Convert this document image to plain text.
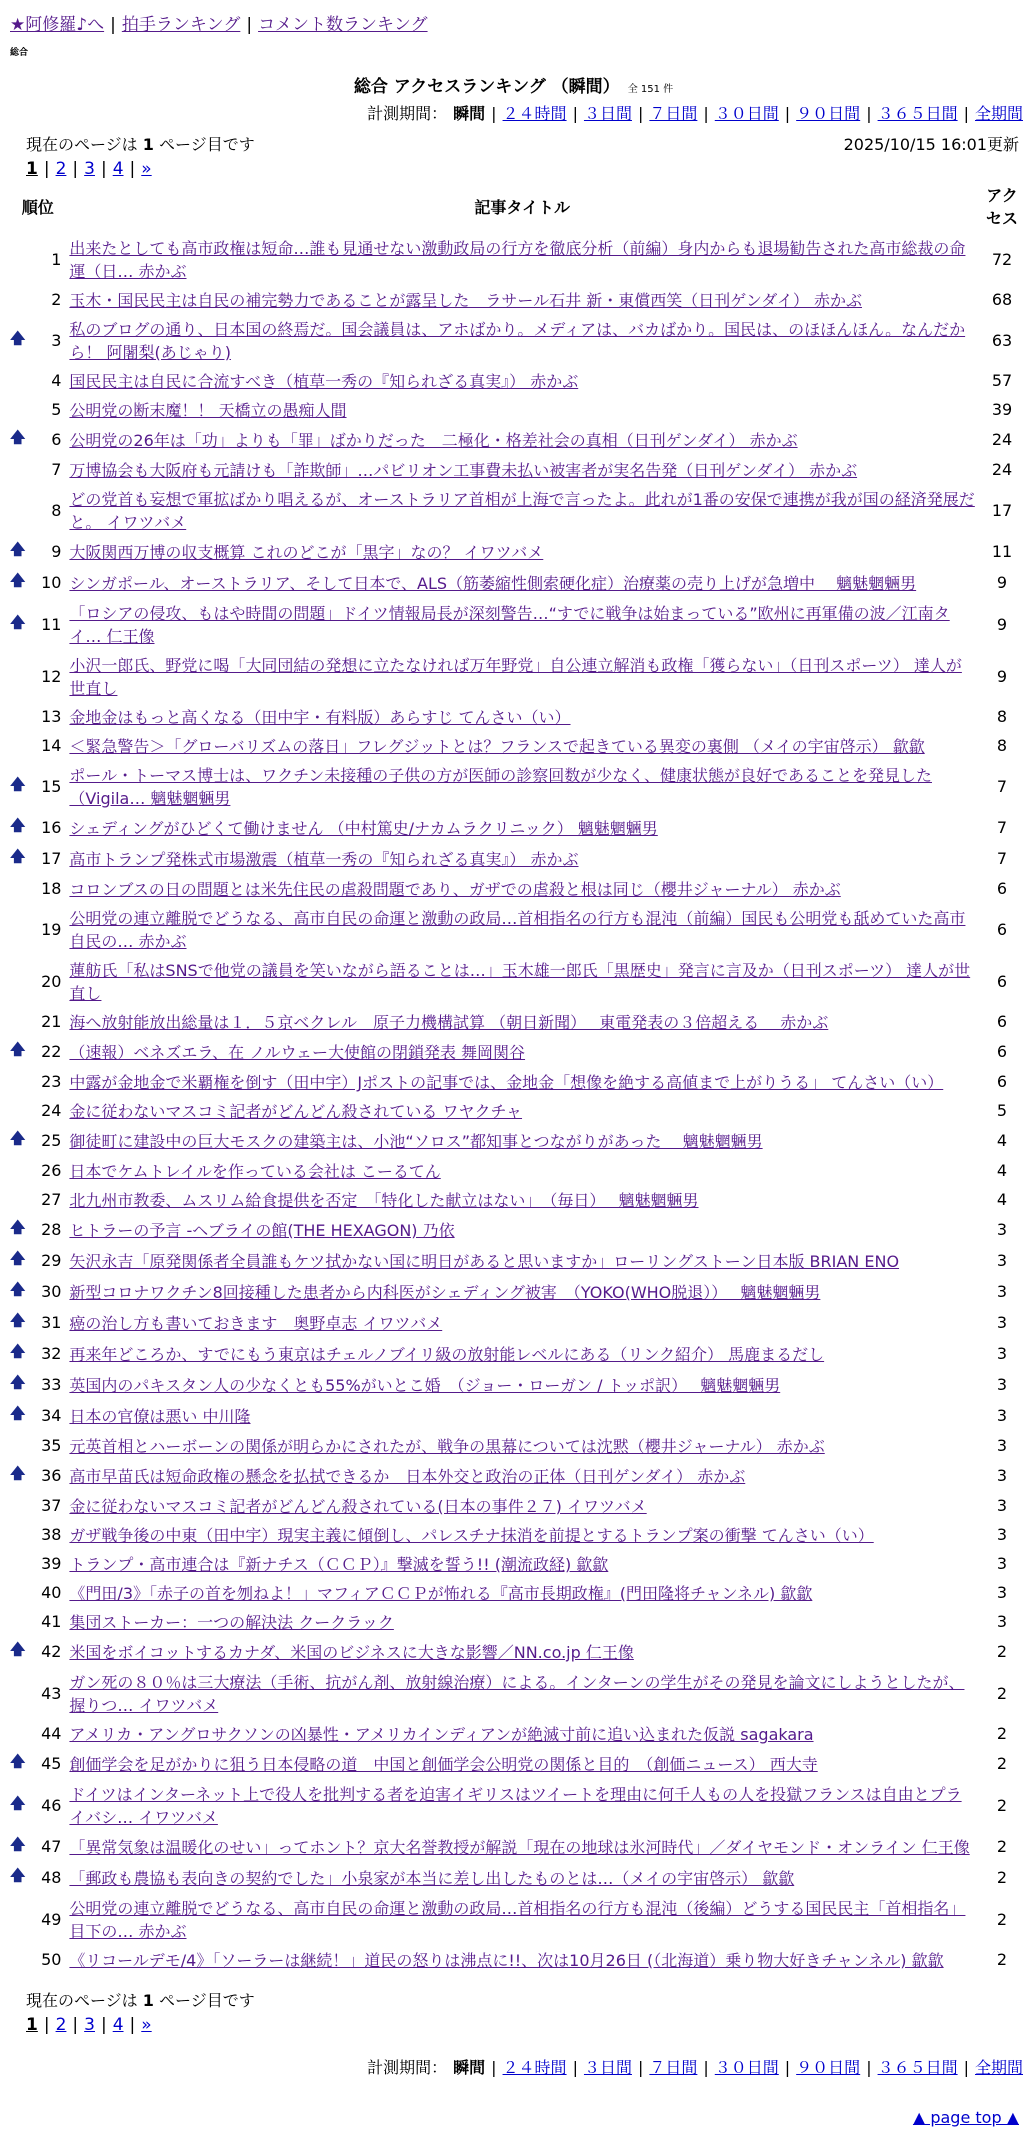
★阿修羅♪へ | 拍手ランキング | コメント数ランキング
総合
総合 アクセスランキング （瞬間） 全 151 件
計測期間： 瞬間 | ２４時間 | ３日間 | ７日間 | ３０日間 | ９０日間 | ３６５日間 | 全期間
現在のページは 1 ページ目です	2025/10/15 16:01更新
1 | 2 | 3 | 4 | »
順位		記事タイトル	アクセス
	1	出来たとしても高市政権は短命…誰も見通せない激動政局の行方を徹底分析（前編）身内からも退場勧告された高市総裁の命運（日… 赤かぶ	72
	2	玉木・国民民主は自民の補完勢力であることが露呈した　ラサール石井 新・東償西笑（日刊ゲンダイ） 赤かぶ	68
🡅	3	私のブログの通り、日本国の終焉だ。国会議員は、アホばかり。メディアは、バカばかり。国民は、のほほんほん。なんだから！ 阿闍梨(あじゃり)	63
	4	国民民主は自民に合流すべき（植草一秀の『知られざる真実』） 赤かぶ	57
	5	公明党の断末魔！！ 天橋立の愚痴人間	39
🡅	6	公明党の26年は「功」よりも「罪」ばかりだった　二極化・格差社会の真相（日刊ゲンダイ） 赤かぶ	24
	7	万博協会も大阪府も元請けも「詐欺師」…パビリオン工事費未払い被害者が実名告発（日刊ゲンダイ） 赤かぶ	24
	8	どの党首も妄想で軍拡ばかり唱えるが、オーストラリア首相が上海で言ったよ。此れが1番の安保で連携が我が国の経済発展だと。 イワツバメ	17
🡅	9	大阪関西万博の収支概算 これのどこが「黒字」なの？ イワツバメ	11
🡅	10	シンガポール、オーストラリア、そして日本で、ALS（筋萎縮性側索硬化症）治療薬の売り上げが急増中　 魑魅魍魎男	9
🡅	11	「ロシアの侵攻、もはや時間の問題」ドイツ情報局長が深刻警告…“すでに戦争は始まっている”欧州に再軍備の波／江南タイ… 仁王像	9
	12	小沢一郎氏、野党に喝「大同団結の発想に立たなければ万年野党」自公連立解消も政権「獲らない」（日刊スポーツ） 達人が世直し	9
	13	金地金はもっと高くなる（田中宇・有料版）あらすじ てんさい（い）	8
	14	＜緊急警告＞「グローバリズムの落日」フレグジットとは？フランスで起きている異変の裏側 （メイの宇宙啓示） 歙歙	8
🡅	15	ポール・トーマス博士は、ワクチン未接種の子供の方が医師の診察回数が少なく、健康状態が良好であることを発見した（Vigila… 魑魅魍魎男	7
🡅	16	シェディングがひどくて働けません （中村篤史/ナカムラクリニック） 魑魅魍魎男	7
🡅	17	高市トランプ発株式市場激震（植草一秀の『知られざる真実』） 赤かぶ	7
	18	コロンブスの日の問題とは米先住民の虐殺問題であり、ガザでの虐殺と根は同じ（櫻井ジャーナル） 赤かぶ	6
	19	公明党の連立離脱でどうなる、高市自民の命運と激動の政局…首相指名の行方も混沌（前編）国民も公明党も舐めていた高市自民の… 赤かぶ	6
	20	蓮舫氏「私はSNSで他党の議員を笑いながら語ることは…」玉木雄一郎氏「黒歴史」発言に言及か（日刊スポーツ） 達人が世直し	6
	21	海へ放射能放出総量は１．５京ベクレル　原子力機構試算 （朝日新聞）　 東電発表の３倍超える　 赤かぶ	6
🡅	22	（速報）ベネズエラ、在 ノルウェー大使館の閉鎖発表 舞岡関谷	6
	23	中露が金地金で米覇権を倒す（田中宇）Jポストの記事では、金地金「想像を絶する高値まで上がりうる」 てんさい（い）	6
	24	金に従わないマスコミ記者がどんどん殺されている ワヤクチャ	5
🡅	25	御徒町に建設中の巨大モスクの建築主は、小池“ソロス”都知事とつながりがあった　 魑魅魍魎男	4
	26	日本でケムトレイルを作っている会社は こーるてん	4
	27	北九州市教委、ムスリム給食提供を否定　「特化した献立はない」　（毎日）　 魑魅魍魎男	4
🡅	28	ヒトラーの予言 -ヘブライの館(THE HEXAGON) 乃依	3
🡅	29	矢沢永吉「原発関係者全員誰もケツ拭かない国に明日があると思いますか」ローリングストーン日本版 BRIAN ENO	3
🡅	30	新型コロナワクチン8回接種した患者から内科医がシェディング被害　（YOKO(WHO脱退））　 魑魅魍魎男	3
🡅	31	癌の治し方も書いておきます　奥野卓志 イワツバメ	3
🡅	32	再来年どころか、すでにもう東京はチェルノブイリ級の放射能レベルにある（リンク紹介） 馬鹿まるだし	3
🡅	33	英国内のパキスタン人の少なくとも55%がいとこ婚　（ジョー・ローガン / トッポ訳）　 魑魅魍魎男	3
🡅	34	日本の官僚は悪い 中川隆	3
	35	元英首相とハーボーンの関係が明らかにされたが、戦争の黒幕については沈黙（櫻井ジャーナル） 赤かぶ	3
🡅	36	高市早苗氏は短命政権の懸念を払拭できるか　日本外交と政治の正体（日刊ゲンダイ） 赤かぶ	3
	37	金に従わないマスコミ記者がどんどん殺されている(日本の事件２７) イワツバメ	3
	38	ガザ戦争後の中東（田中宇）現実主義に傾倒し、パレスチナ抹消を前提とするトランプ案の衝撃 てんさい（い）	3
	39	トランプ・高市連合は『新ナチス（ＣＣＰ）』撃滅を誓う!! (潮流政経) 歙歙	3
	40	《門田/3》「赤子の首を刎ねよ！」マフィアＣＣＰが怖れる『高市長期政権』(門田隆将チャンネル) 歙歙	3
	41	集団ストーカー：一つの解決法 クークラック	3
🡅	42	米国をボイコットするカナダ、米国のビジネスに大きな影響／NN.co.jp 仁王像	2
	43	ガン死の８０％は三大療法（手術、抗がん剤、放射線治療）による。インターンの学生がその発見を論文にしようとしたが、握りつ… イワツバメ	2
	44	アメリカ・アングロサクソンの凶暴性・アメリカインディアンが絶滅寸前に追い込まれた仮説 sagakara	2
🡅	45	創価学会を足がかりに狙う日本侵略の道　中国と創価学会公明党の関係と目的　（創価ニュース） 西大寺	2
🡅	46	ドイツはインターネット上で役人を批判する者を迫害イギリスはツイートを理由に何千人もの人を投獄フランスは自由とプライバシ… イワツバメ	2
🡅	47	「異常気象は温暖化のせい」ってホント？京大名誉教授が解説「現在の地球は氷河時代」／ダイヤモンド・オンライン 仁王像	2
🡅	48	「郵政も農協も表向きの契約でした」小泉家が本当に差し出したものとは…（メイの宇宙啓示） 歙歙	2
	49	公明党の連立離脱でどうなる、高市自民の命運と激動の政局…首相指名の行方も混沌（後編）どうする国民民主「首相指名」目下の… 赤かぶ	2
	50	《リコールデモ/4》「ソーラーは継続！」道民の怒りは沸点に!!、次は10月26日 (（北海道）乗り物大好きチャンネル) 歙歙	2
現在のページは 1 ページ目です
1 | 2 | 3 | 4 | »
計測期間： 瞬間 | ２４時間 | ３日間 | ７日間 | ３０日間 | ９０日間 | ３６５日間 | 全期間
▲ page top ▲
